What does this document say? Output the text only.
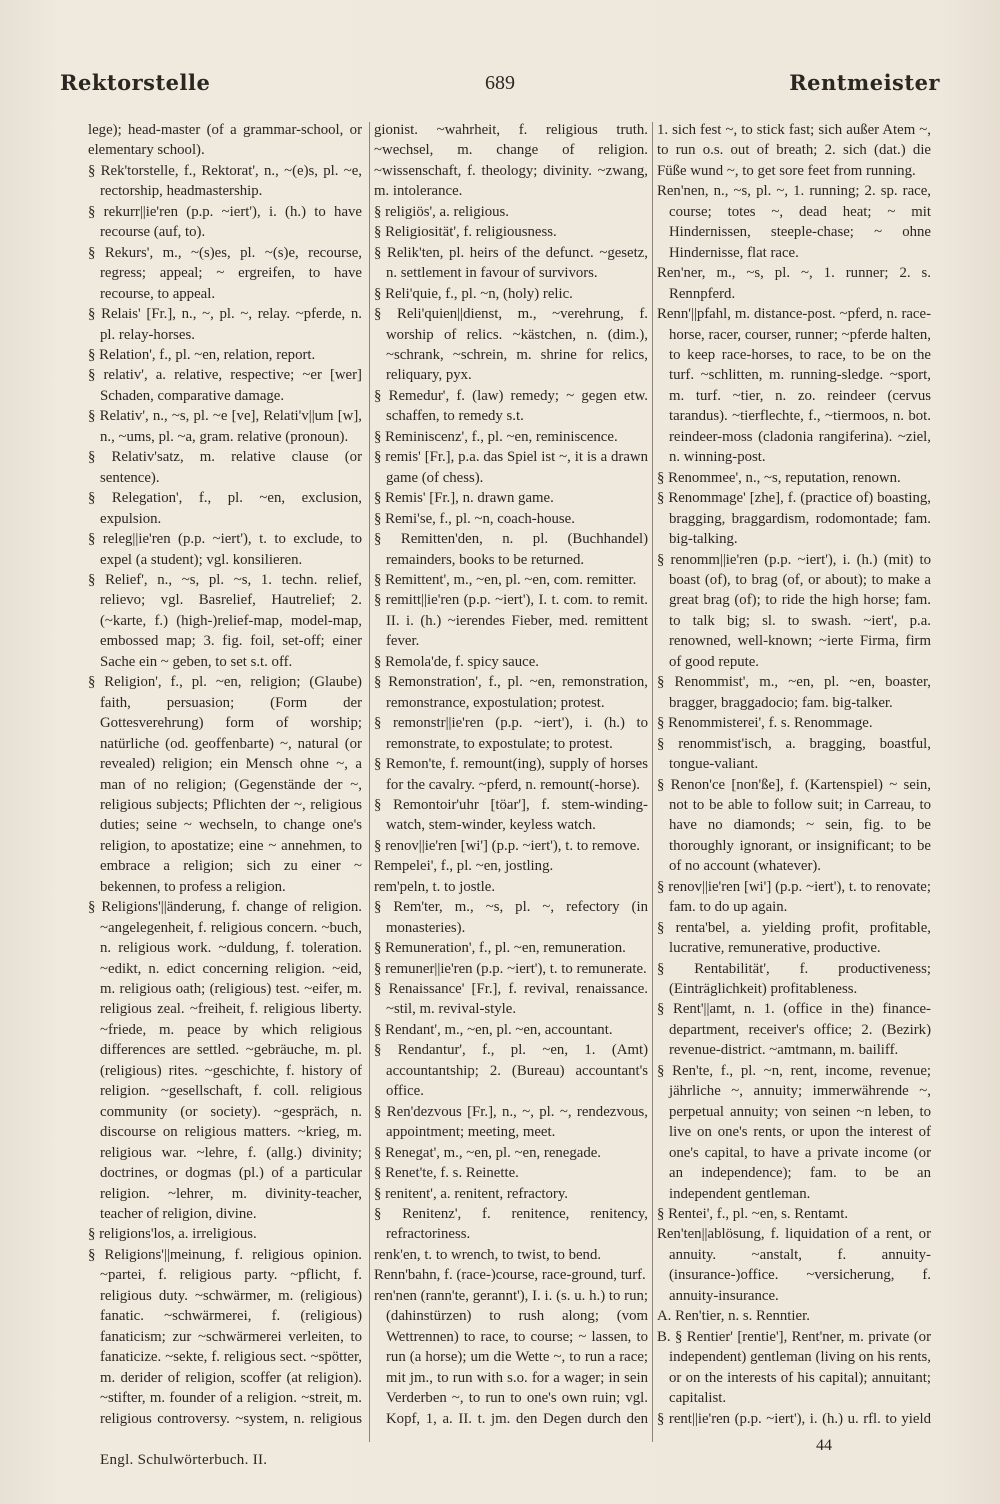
Rektorstelle	689	Rentmeister

lege); head-master (of a grammar-school, or elementary school).

§ Rek'torstelle, f., Rektorat', n., ~(e)s, pl. ~e, rectorship, headmastership.

§ rekurr||ie'ren (p.p. ~iert'), i. (h.) to have recourse (auf, to).

§ Rekurs', m., ~(s)es, pl. ~(s)e, recourse, regress; appeal; ~ ergreifen, to have recourse, to appeal.

§ Relais' [Fr.], n., ~, pl. ~, relay. ~pferde, n. pl. relay-horses.

§ Relation', f., pl. ~en, relation, report.

§ relativ', a. relative, respective; ~er [wer] Schaden, comparative damage.

§ Relativ', n., ~s, pl. ~e [ve], Relati'v||um [w], n., ~ums, pl. ~a, gram. relative (pronoun).

§ Relativ'satz, m. relative clause (or sentence).

§ Relegation', f., pl. ~en, exclusion, expulsion.

§ releg||ie'ren (p.p. ~iert'), t. to exclude, to expel (a student); vgl. konsilieren.

§ Relief', n., ~s, pl. ~s, 1. techn. relief, relievo; vgl. Basrelief, Hautrelief; 2. (~karte, f.) (high-)relief-map, model-map, embossed map; 3. fig. foil, set-off; einer Sache ein ~ geben, to set s.t. off.

§ Religion', f., pl. ~en, religion; (Glaube) faith, persuasion; (Form der Gottesverehrung) form of worship; natürliche (od. geoffenbarte) ~, natural (or revealed) religion; ein Mensch ohne ~, a man of no religion; (Gegenstände der ~, religious subjects; Pflichten der ~, religious duties; seine ~ wechseln, to change one's religion, to apostatize; eine ~ annehmen, to embrace a religion; sich zu einer ~ bekennen, to profess a religion.

§ Religions'||änderung, f. change of religion. ~angelegenheit, f. religious concern. ~buch, n. religious work. ~duldung, f. toleration. ~edikt, n. edict concerning religion. ~eid, m. religious oath; (religious) test. ~eifer, m. religious zeal. ~freiheit, f. religious liberty. ~friede, m. peace by which religious differences are settled. ~gebräuche, m. pl. (religious) rites. ~geschichte, f. history of religion. ~gesellschaft, f. coll. religious community (or society). ~gespräch, n. discourse on religious matters. ~krieg, m. religious war. ~lehre, f. (allg.) divinity; doctrines, or dogmas (pl.) of a particular religion. ~lehrer, m. divinity-teacher, teacher of religion, divine.

§ religions'los, a. irreligious.

§ Religions'||meinung, f. religious opinion. ~partei, f. religious party. ~pflicht, f. religious duty. ~schwärmer, m. (religious) fanatic. ~schwärmerei, f. (religious) fanaticism; zur ~schwärmerei verleiten, to fanaticize. ~sekte, f. religious sect. ~spötter, m. derider of religion, scoffer (at religion). ~stifter, m. founder of a religion. ~streit, m. religious controversy. ~system, n. religious

gionist. ~wahrheit, f. religious truth. ~wechsel, m. change of religion. ~wissenschaft, f. theology; divinity. ~zwang, m. intolerance.

§ religiös', a. religious.

§ Religiosität', f. religiousness.

§ Relik'ten, pl. heirs of the defunct. ~gesetz, n. settlement in favour of survivors.

§ Reli'quie, f., pl. ~n, (holy) relic.

§ Reli'quien||dienst, m., ~verehrung, f. worship of relics. ~kästchen, n. (dim.), ~schrank, ~schrein, m. shrine for relics, reliquary, pyx.

§ Remedur', f. (law) remedy; ~ gegen etw. schaffen, to remedy s.t.

§ Reminiscenz', f., pl. ~en, reminiscence.

§ remis' [Fr.], p.a. das Spiel ist ~, it is a drawn game (of chess).

§ Remis' [Fr.], n. drawn game.

§ Remi'se, f., pl. ~n, coach-house.

§ Remitten'den, n. pl. (Buchhandel) remainders, books to be returned.

§ Remittent', m., ~en, pl. ~en, com. remitter.

§ remitt||ie'ren (p.p. ~iert'), I. t. com. to remit. II. i. (h.) ~ierendes Fieber, med. remittent fever.

§ Remola'de, f. spicy sauce.

§ Remonstration', f., pl. ~en, remonstration, remonstrance, expostulation; protest.

§ remonstr||ie'ren (p.p. ~iert'), i. (h.) to remonstrate, to expostulate; to protest.

§ Remon'te, f. remount(ing), supply of horses for the cavalry. ~pferd, n. remount(-horse).

§ Remontoir'uhr [töar'], f. stem-winding-watch, stem-winder, keyless watch.

§ renov||ie'ren [wi'] (p.p. ~iert'), t. to remove.

Rempelei', f., pl. ~en, jostling.

rem'peln, t. to jostle.

§ Rem'ter, m., ~s, pl. ~, refectory (in monasteries).

§ Remuneration', f., pl. ~en, remuneration.

§ remuner||ie'ren (p.p. ~iert'), t. to remunerate.

§ Renaissance' [Fr.], f. revival, renaissance. ~stil, m. revival-style.

§ Rendant', m., ~en, pl. ~en, accountant.

§ Rendantur', f., pl. ~en, 1. (Amt) accountantship; 2. (Bureau) accountant's office.

§ Ren'dezvous [Fr.], n., ~, pl. ~, rendezvous, appointment; meeting, meet.

§ Renegat', m., ~en, pl. ~en, renegade.

§ Renet'te, f. s. Reinette.

§ renitent', a. renitent, refractory.

§ Renitenz', f. renitence, renitency, refractoriness.

renk'en, t. to wrench, to twist, to bend.

Renn'bahn, f. (race-)course, race-ground, turf.

ren'nen (rann'te, gerannt'), I. i. (s. u. h.) to run; (dahinstürzen) to rush along; (vom Wettrennen) to race, to course; ~ lassen, to run (a horse); um die Wette ~, to run a race; mit jm., to run with s.o. for a wager; in sein Verderben ~, to run to one's own ruin; vgl. Kopf, 1, a. II. t. jm. den Degen durch den

1. sich fest ~, to stick fast; sich außer Atem ~, to run o.s. out of breath; 2. sich (dat.) die Füße wund ~, to get sore feet from running.

Ren'nen, n., ~s, pl. ~, 1. running; 2. sp. race, course; totes ~, dead heat; ~ mit Hindernissen, steeple-chase; ~ ohne Hindernisse, flat race.

Ren'ner, m., ~s, pl. ~, 1. runner; 2. s. Rennpferd.

Renn'||pfahl, m. distance-post. ~pferd, n. race-horse, racer, courser, runner; ~pferde halten, to keep race-horses, to race, to be on the turf. ~schlitten, m. running-sledge. ~sport, m. turf. ~tier, n. zo. reindeer (cervus tarandus). ~tierflechte, f., ~tiermoos, n. bot. reindeer-moss (cladonia rangiferina). ~ziel, n. winning-post.

§ Renommee', n., ~s, reputation, renown.

§ Renommage' [zhe], f. (practice of) boasting, bragging, braggardism, rodomontade; fam. big-talking.

§ renomm||ie'ren (p.p. ~iert'), i. (h.) (mit) to boast (of), to brag (of, or about); to make a great brag (of); to ride the high horse; fam. to talk big; sl. to swash. ~iert', p.a. renowned, well-known; ~ierte Firma, firm of good repute.

§ Renommist', m., ~en, pl. ~en, boaster, bragger, braggadocio; fam. big-talker.

§ Renommisterei', f. s. Renommage.

§ renommist'isch, a. bragging, boastful, tongue-valiant.

§ Renon'ce [non'ße], f. (Kartenspiel) ~ sein, not to be able to follow suit; in Carreau, to have no diamonds; ~ sein, fig. to be thoroughly ignorant, or insignificant; to be of no account (whatever).

§ renov||ie'ren [wi'] (p.p. ~iert'), t. to renovate; fam. to do up again.

§ renta'bel, a. yielding profit, profitable, lucrative, remunerative, productive.

§ Rentabilität', f. productiveness; (Einträglichkeit) profitableness.

§ Rent'||amt, n. 1. (office in the) finance-department, receiver's office; 2. (Bezirk) revenue-district. ~amtmann, m. bailiff.

§ Ren'te, f., pl. ~n, rent, income, revenue; jährliche ~, annuity; immerwährende ~, perpetual annuity; von seinen ~n leben, to live on one's rents, or upon the interest of one's capital, to have a private income (or an independence); fam. to be an independent gentleman.

§ Rentei', f., pl. ~en, s. Rentamt.

Ren'ten||ablösung, f. liquidation of a rent, or annuity. ~anstalt, f. annuity-(insurance-)office. ~versicherung, f. annuity-insurance.

A. Ren'tier, n. s. Renntier.

B. § Rentier' [rentie'], Rent'ner, m. private (or independent) gentleman (living on his rents, or on the interests of his capital); annuitant; capitalist.

§ rent||ie'ren (p.p. ~iert'), i. (h.) u. rfl. to yield

Engl. Schulwörterbuch. II.
44
